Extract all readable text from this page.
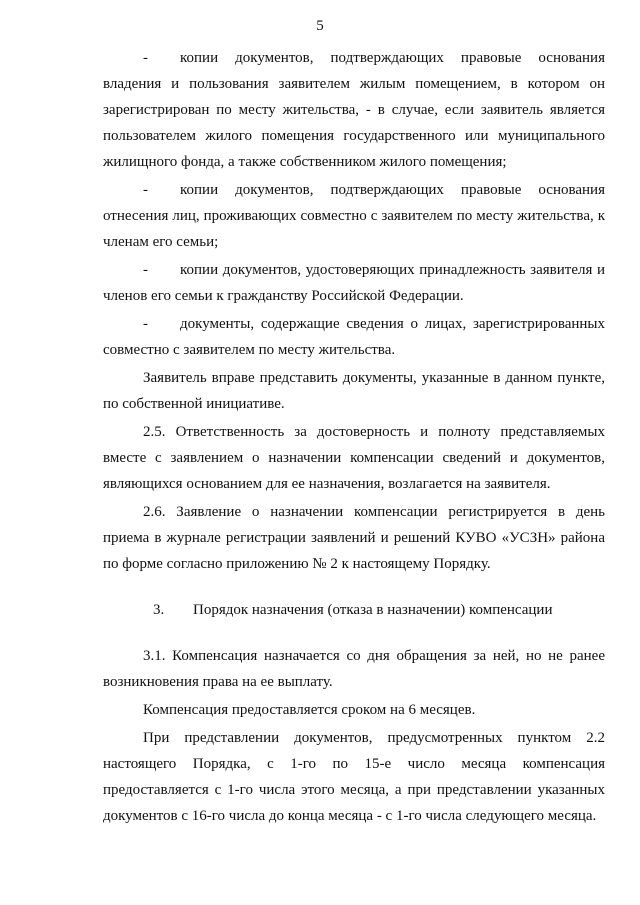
5

- копии документов, подтверждающих правовые основания владения и пользования заявителем жилым помещением, в котором он зарегистрирован по месту жительства, - в случае, если заявитель является пользователем жилого помещения государственного или муниципального жилищного фонда, а также собственником жилого помещения;

- копии документов, подтверждающих правовые основания отнесения лиц, проживающих совместно с заявителем по месту жительства, к членам его семьи;

- копии документов, удостоверяющих принадлежность заявителя и членов его семьи к гражданству Российской Федерации.

- документы, содержащие сведения о лицах, зарегистрированных совместно с заявителем по месту жительства.

Заявитель вправе представить документы, указанные в данном пункте, по собственной инициативе.

2.5. Ответственность за достоверность и полноту представляемых вместе с заявлением о назначении компенсации сведений и документов, являющихся основанием для ее назначения, возлагается на заявителя.

2.6. Заявление о назначении компенсации регистрируется в день приема в журнале регистрации заявлений и решений КУВО «УСЗН» района по форме согласно приложению № 2 к настоящему Порядку.

3. Порядок назначения (отказа в назначении) компенсации

3.1. Компенсация назначается со дня обращения за ней, но не ранее возникновения права на ее выплату.

Компенсация предоставляется сроком на 6 месяцев.

При представлении документов, предусмотренных пунктом 2.2 настоящего Порядка, с 1-го по 15-е число месяца компенсация предоставляется с 1-го числа этого месяца, а при представлении указанных документов с 16-го числа до конца месяца - с 1-го числа следующего месяца.
